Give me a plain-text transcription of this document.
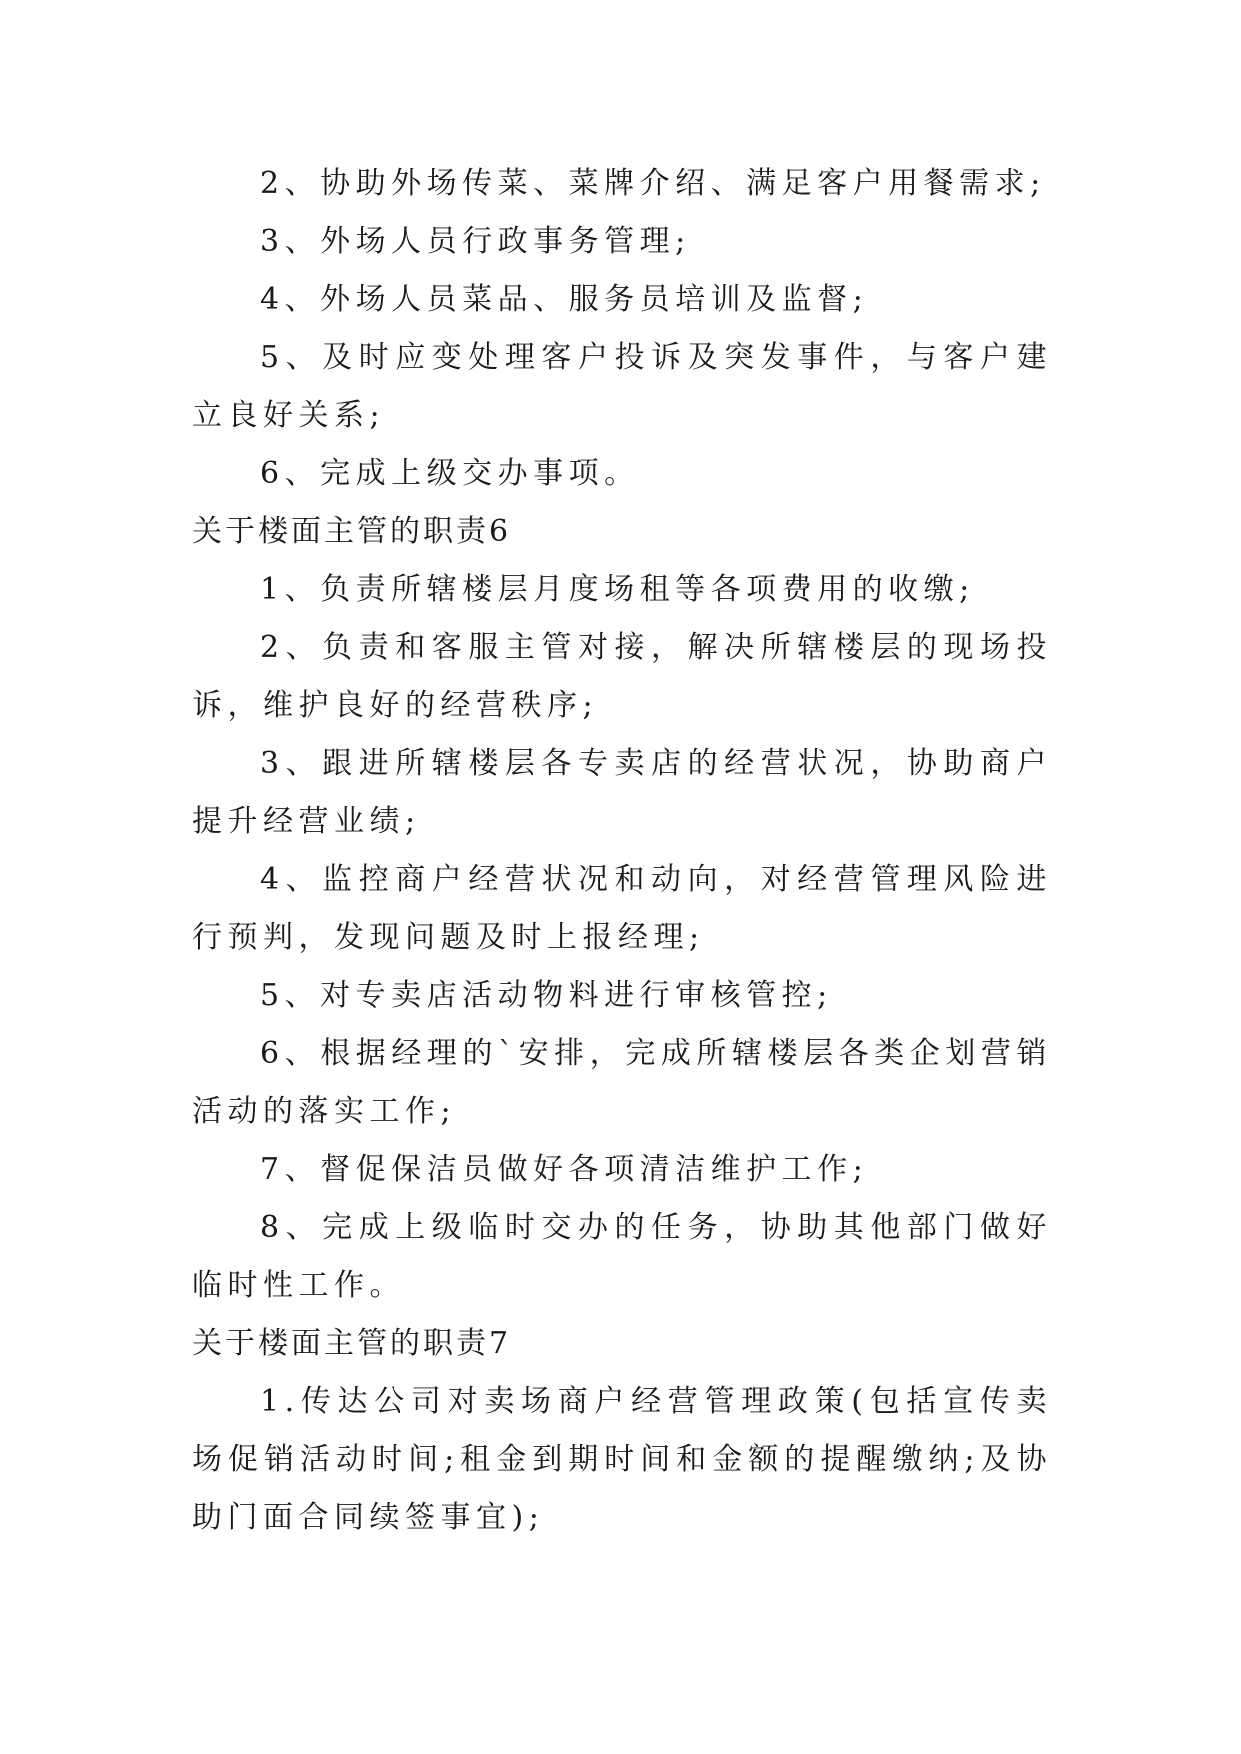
2、协助外场传菜、菜牌介绍、满足客户用餐需求;

3、外场人员行政事务管理;

4、外场人员菜品、服务员培训及监督;

5、及时应变处理客户投诉及突发事件，与客户建立良好关系;

6、完成上级交办事项。

关于楼面主管的职责6

1、负责所辖楼层月度场租等各项费用的收缴;

2、负责和客服主管对接，解决所辖楼层的现场投诉，维护良好的经营秩序;

3、跟进所辖楼层各专卖店的经营状况，协助商户提升经营业绩;

4、监控商户经营状况和动向，对经营管理风险进行预判，发现问题及时上报经理;

5、对专卖店活动物料进行审核管控;

6、根据经理的`安排，完成所辖楼层各类企划营销活动的落实工作;

7、督促保洁员做好各项清洁维护工作;

8、完成上级临时交办的任务，协助其他部门做好临时性工作。

关于楼面主管的职责7

1.传达公司对卖场商户经营管理政策(包括宣传卖场促销活动时间;租金到期时间和金额的提醒缴纳;及协助门面合同续签事宜);
